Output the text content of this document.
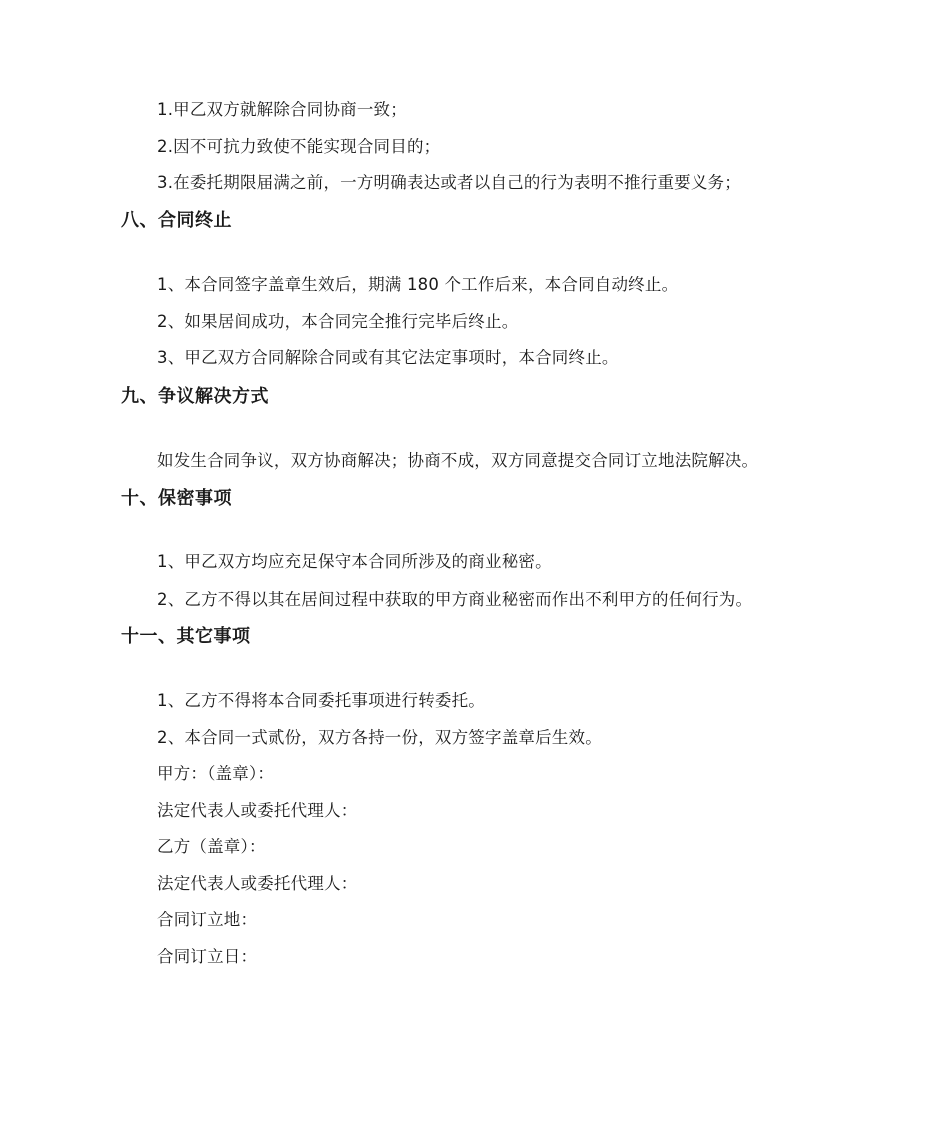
1.甲乙双方就解除合同协商一致；
2.因不可抗力致使不能实现合同目的；
3.在委托期限届满之前，一方明确表达或者以自己的行为表明不推行重要义务；
八、合同终止
1、本合同签字盖章生效后，期满 180 个工作后来，本合同自动终止。
2、如果居间成功，本合同完全推行完毕后终止。
3、甲乙双方合同解除合同或有其它法定事项时，本合同终止。
九、争议解决方式
如发生合同争议，双方协商解决；协商不成，双方同意提交合同订立地法院解决。
十、保密事项
1、甲乙双方均应充足保守本合同所涉及的商业秘密。
2、乙方不得以其在居间过程中获取的甲方商业秘密而作出不利甲方的任何行为。
十一、其它事项
1、乙方不得将本合同委托事项进行转委托。
2、本合同一式贰份，双方各持一份，双方签字盖章后生效。
甲方：（盖章）：
法定代表人或委托代理人：
乙方（盖章）：
法定代表人或委托代理人：
合同订立地：
合同订立日：
